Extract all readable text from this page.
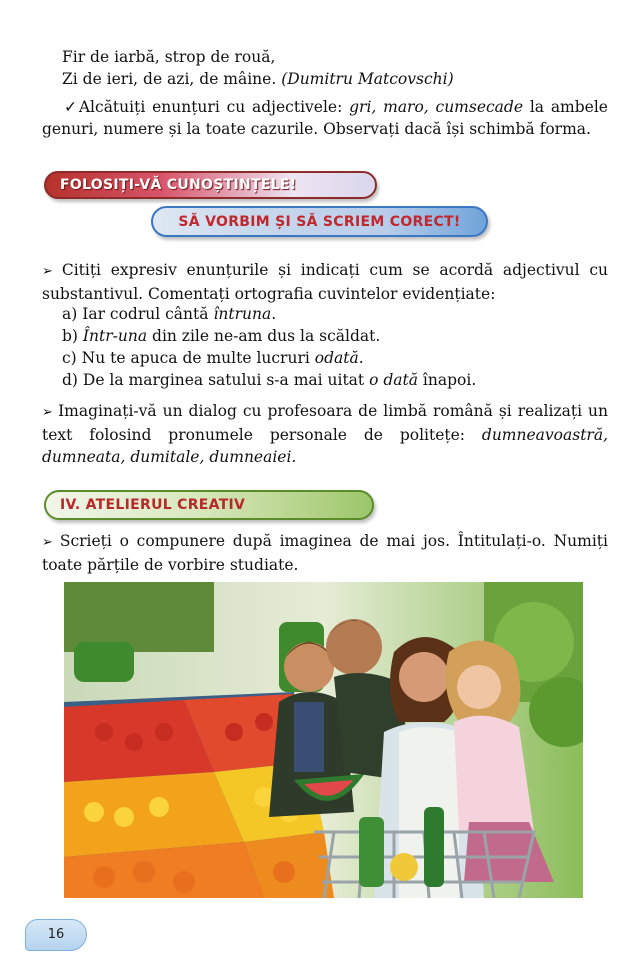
Fir de iarbă, strop de rouă,
Zi de ieri, de azi, de mâine. (Dumitru Matcovschi)
✓Alcătuiți enunțuri cu adjectivele: gri, maro, cumsecade la ambele genuri, numere și la toate cazurile. Observați dacă își schimbă forma.
FOLOSIȚI-VĂ CUNOȘTINȚELE!
SĂ VORBIM ȘI SĂ SCRIEM CORECT!
➢ Citiți expresiv enunțurile și indicați cum se acordă adjectivul cu substantivul. Comentați ortografia cuvintelor evidențiate:
a) Iar codrul cântă întruna.
b) Într-una din zile ne-am dus la scăldat.
c) Nu te apuca de multe lucruri odată.
d) De la marginea satului s-a mai uitat o dată înapoi.
➢ Imaginați-vă un dialog cu profesoara de limbă română și realizați un text folosind pronumele personale de politețe: dumneavoastră, dumneata, dumitale, dumneaiei.
IV. ATELIERUL CREATIV
➢ Scrieți o compunere după imaginea de mai jos. Întitulați-o. Numiți toate părțile de vorbire studiate.
16
